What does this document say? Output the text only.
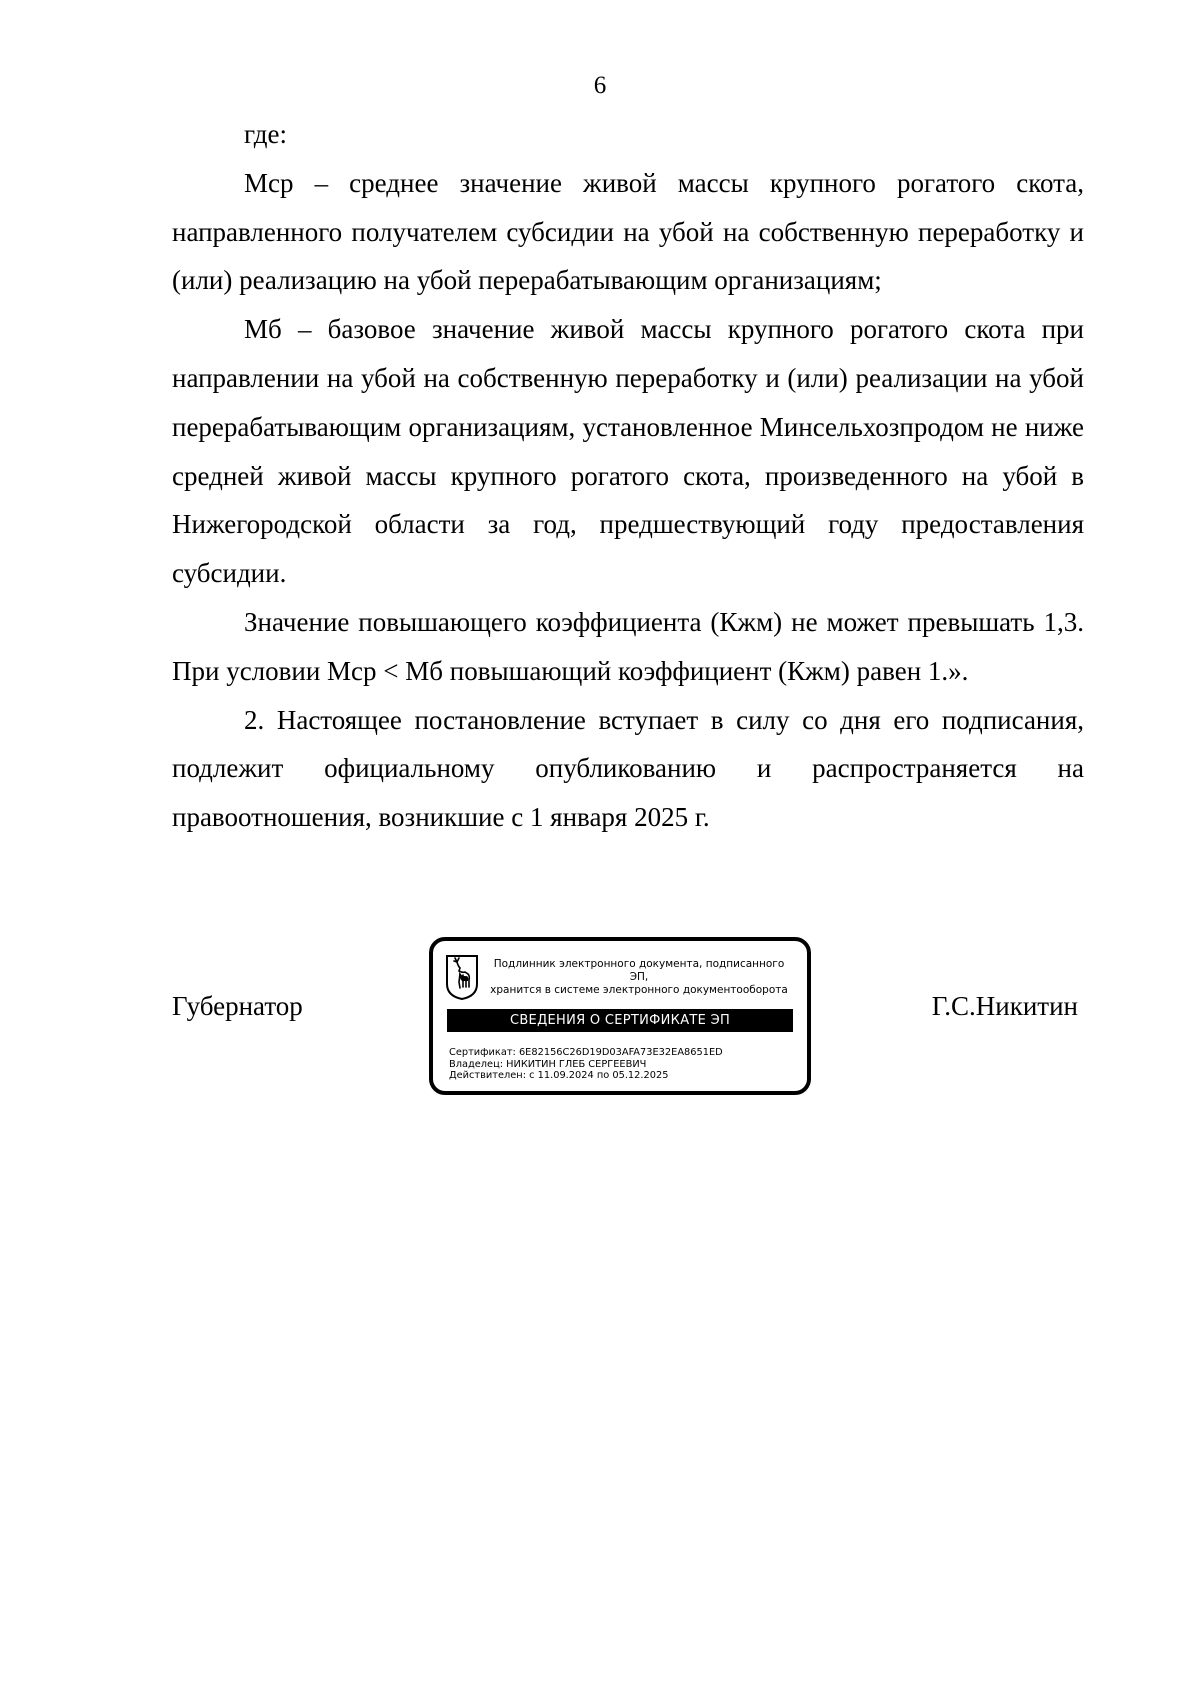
6

где:

Мср – среднее значение живой массы крупного рогатого скота, направленного получателем субсидии на убой на собственную переработку и (или) реализацию на убой перерабатывающим организациям;

Мб – базовое значение живой массы крупного рогатого скота при направлении на убой на собственную переработку и (или) реализации на убой перерабатывающим организациям, установленное Минсельхозпродом не ниже средней живой массы крупного рогатого скота, произведенного на убой в Нижегородской области за год, предшествующий году предоставления субсидии.

Значение повышающего коэффициента (Кжм) не может превышать 1,3. При условии Мср < Мб повышающий коэффициент (Кжм) равен 1.».

2. Настоящее постановление вступает в силу со дня его подписания, подлежит официальному опубликованию и распространяется на правоотношения, возникшие с 1 января 2025 г.

Губернатор
Подлинник электронного документа, подписанного ЭП,
хранится в системе электронного документооборота
СВЕДЕНИЯ О СЕРТИФИКАТЕ ЭП
Сертификат: 6E82156C26D19D03AFA73E32EA8651ED
Владелец: НИКИТИН ГЛЕБ СЕРГЕЕВИЧ
Действителен: с 11.09.2024 по 05.12.2025
Г.С.Никитин
